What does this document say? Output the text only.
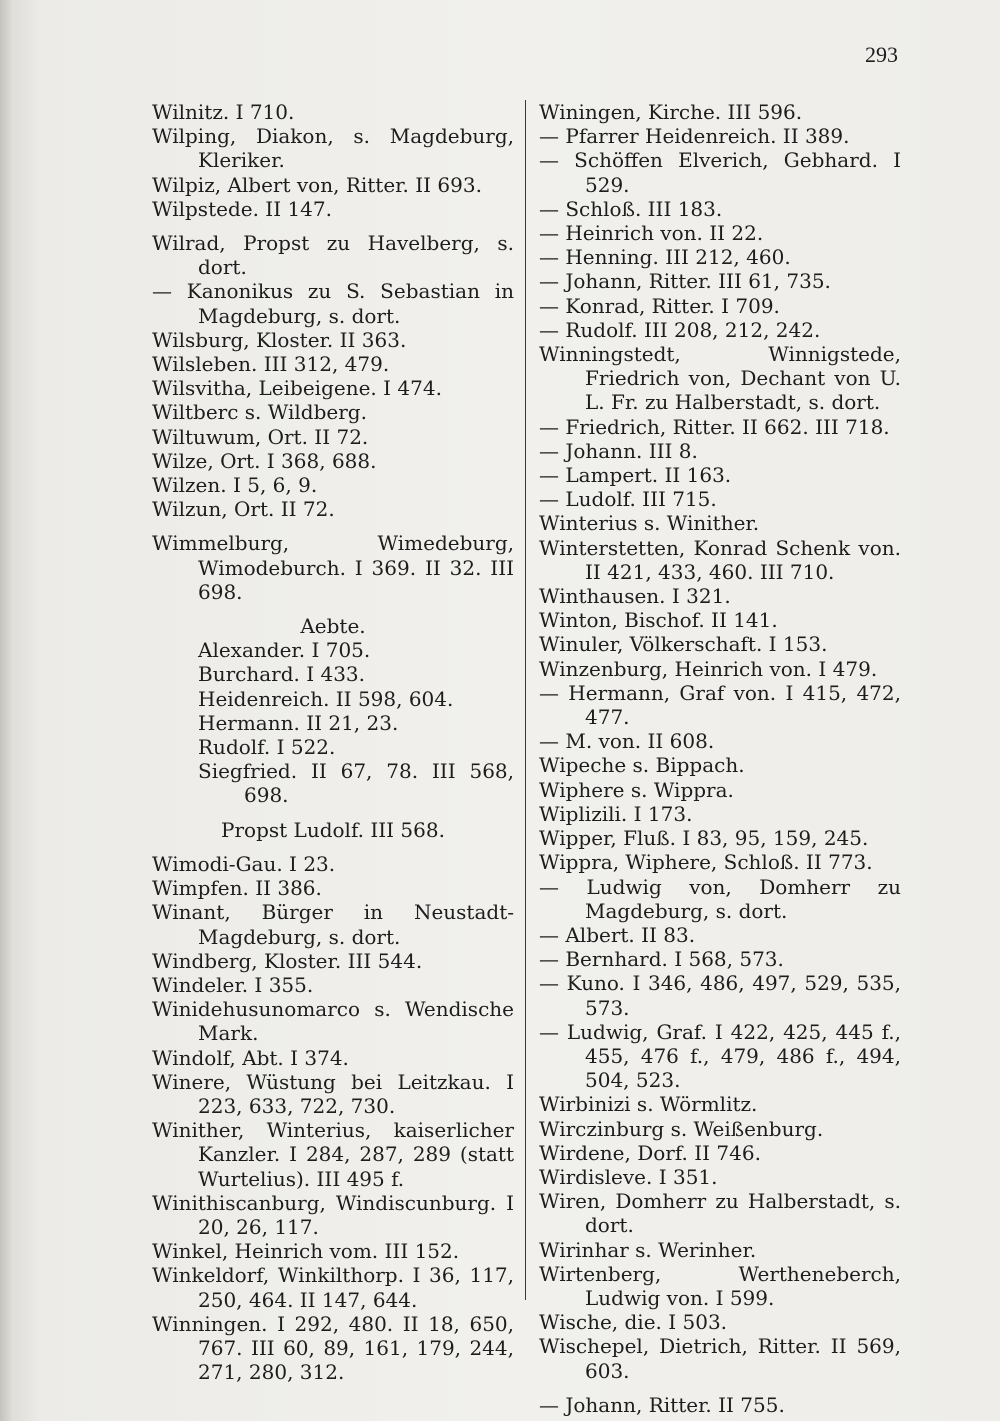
293
Wilnitz. I 710.
Wilping, Diakon, s. Magdeburg, Kleriker.
Wilpiz, Albert von, Ritter. II 693.
Wilpstede. II 147.
Wilrad, Propst zu Havelberg, s. dort.
— Kanonikus zu S. Sebastian in Magdeburg, s. dort.
Wilsburg, Kloster. II 363.
Wilsleben. III 312, 479.
Wilsvitha, Leibeigene. I 474.
Wiltberc s. Wildberg.
Wiltuwum, Ort. II 72.
Wilze, Ort. I 368, 688.
Wilzen. I 5, 6, 9.
Wilzun, Ort. II 72.
Wimmelburg, Wimedeburg, Wimodeburch. I 369. II 32. III 698.
Aebte.
Alexander. I 705.
Burchard. I 433.
Heidenreich. II 598, 604.
Hermann. II 21, 23.
Rudolf. I 522.
Siegfried. II 67, 78. III 568, 698.
Propst Ludolf. III 568.
Wimodi-Gau. I 23.
Wimpfen. II 386.
Winant, Bürger in Neustadt-Magdeburg, s. dort.
Windberg, Kloster. III 544.
Windeler. I 355.
Winidehusunomarco s. Wendische Mark.
Windolf, Abt. I 374.
Winere, Wüstung bei Leitzkau. I 223, 633, 722, 730.
Winither, Winterius, kaiserlicher Kanzler. I 284, 287, 289 (statt Wurtelius). III 495 f.
Winithiscanburg, Windiscunburg. I 20, 26, 117.
Winkel, Heinrich vom. III 152.
Winkeldorf, Winkilthorp. I 36, 117, 250, 464. II 147, 644.
Winningen. I 292, 480. II 18, 650, 767. III 60, 89, 161, 179, 244, 271, 280, 312.
Winingen, Kirche. III 596.
— Pfarrer Heidenreich. II 389.
— Schöffen Elverich, Gebhard. I 529.
— Schloß. III 183.
— Heinrich von. II 22.
— Henning. III 212, 460.
— Johann, Ritter. III 61, 735.
— Konrad, Ritter. I 709.
— Rudolf. III 208, 212, 242.
Winningstedt, Winnigstede, Friedrich von, Dechant von U. L. Fr. zu Halberstadt, s. dort.
— Friedrich, Ritter. II 662. III 718.
— Johann. III 8.
— Lampert. II 163.
— Ludolf. III 715.
Winterius s. Winither.
Winterstetten, Konrad Schenk von. II 421, 433, 460. III 710.
Winthausen. I 321.
Winton, Bischof. II 141.
Winuler, Völkerschaft. I 153.
Winzenburg, Heinrich von. I 479.
— Hermann, Graf von. I 415, 472, 477.
— M. von. II 608.
Wipeche s. Bippach.
Wiphere s. Wippra.
Wiplizili. I 173.
Wipper, Fluß. I 83, 95, 159, 245.
Wippra, Wiphere, Schloß. II 773.
— Ludwig von, Domherr zu Magdeburg, s. dort.
— Albert. II 83.
— Bernhard. I 568, 573.
— Kuno. I 346, 486, 497, 529, 535, 573.
— Ludwig, Graf. I 422, 425, 445 f., 455, 476 f., 479, 486 f., 494, 504, 523.
Wirbinizi s. Wörmlitz.
Wirczinburg s. Weißenburg.
Wirdene, Dorf. II 746.
Wirdisleve. I 351.
Wiren, Domherr zu Halberstadt, s. dort.
Wirinhar s. Werinher.
Wirtenberg, Wertheneberch, Ludwig von. I 599.
Wische, die. I 503.
Wischepel, Dietrich, Ritter. II 569, 603.
— Johann, Ritter. II 755.
